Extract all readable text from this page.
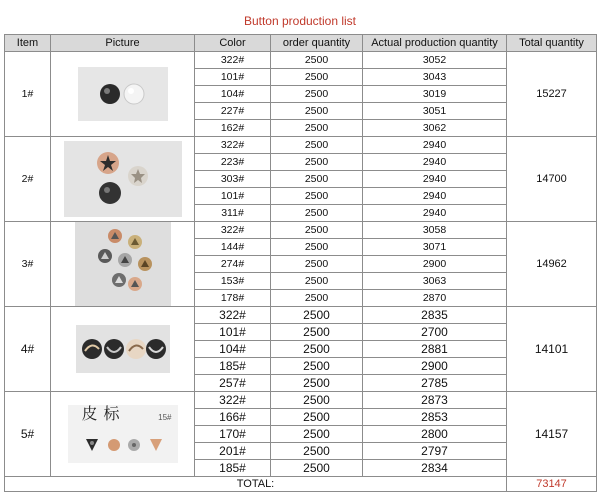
Button production list
Item	Picture	Color	order quantity	Actual production quantity	Total quantity
1#		322#	2500	3052	15227
		101#	2500	3043	
		104#	2500	3019	
		227#	2500	3051	
		162#	2500	3062	
2#		322#	2500	2940	14700
		223#	2500	2940	
		303#	2500	2940	
		101#	2500	2940	
		311#	2500	2940	
3#		322#	2500	3058	14962
		144#	2500	3071	
		274#	2500	2900	
		153#	2500	3063	
		178#	2500	2870	
4#		322#	2500	2835	14101
		101#	2500	2700	
		104#	2500	2881	
		185#	2500	2900	
		257#	2500	2785	
5#	皮标 15#	322#	2500	2873	14157
		166#	2500	2853	
		170#	2500	2800	
		201#	2500	2797	
		185#	2500	2834	
TOTAL:					73147
